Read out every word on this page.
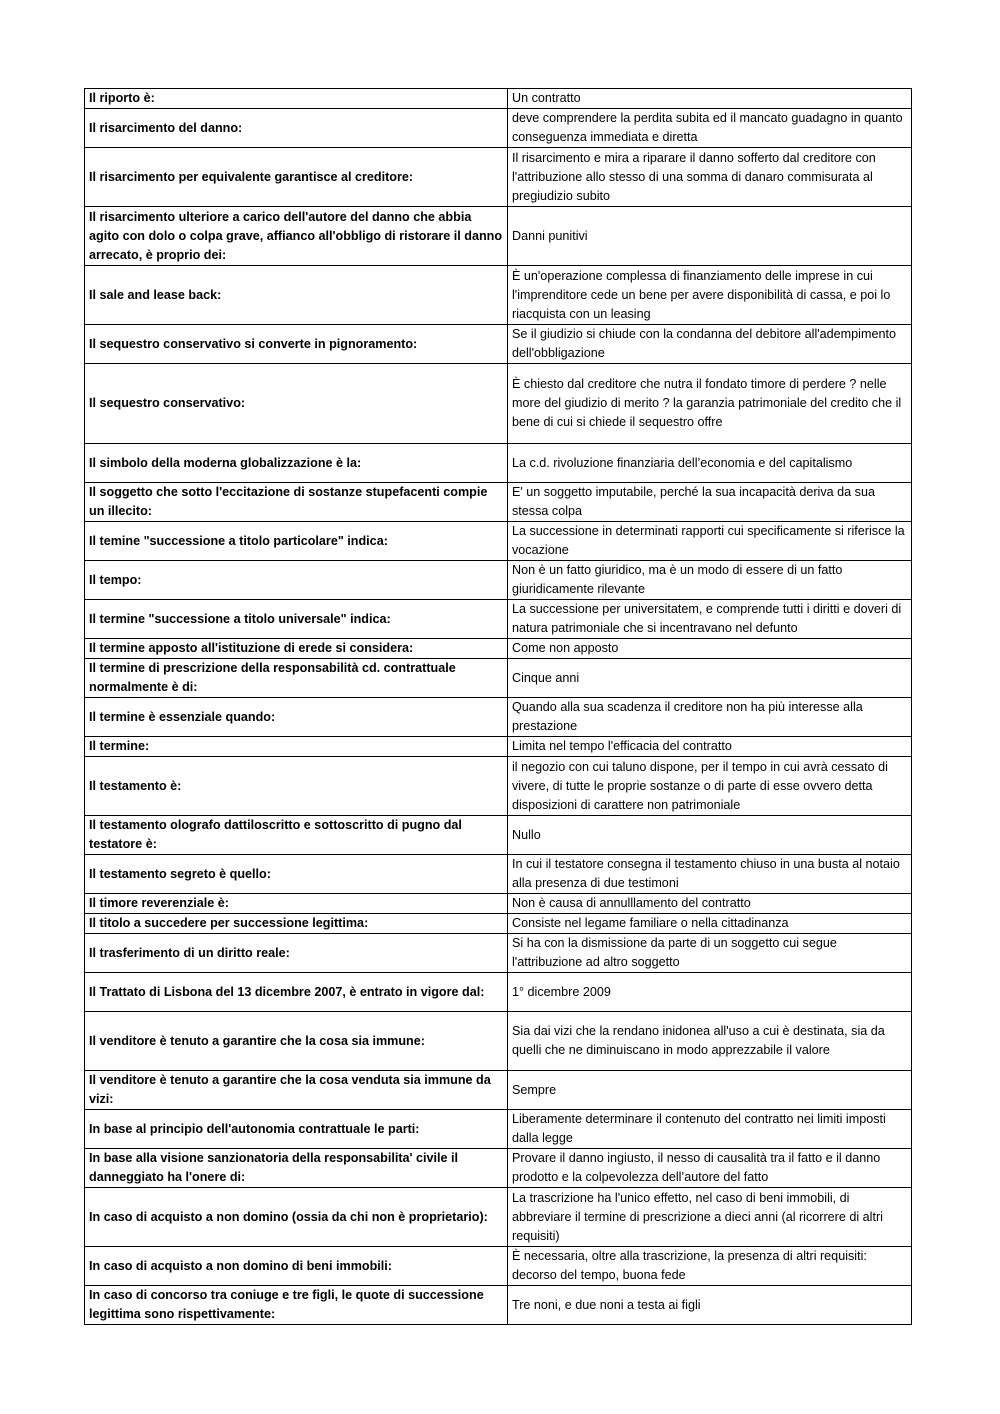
Il riporto è:	Un contratto
Il risarcimento del danno:	deve comprendere la perdita subita ed il mancato guadagno in quanto conseguenza immediata e diretta
Il risarcimento per equivalente garantisce al creditore:	Il risarcimento e mira a riparare il danno sofferto dal creditore con l'attribuzione allo stesso di una somma di danaro commisurata al pregiudizio subito
Il risarcimento ulteriore a carico dell'autore del danno che abbia agito con dolo o colpa grave, affianco all'obbligo di ristorare il danno arrecato, è proprio dei:	Danni punitivi
Il sale and lease back:	È un'operazione complessa di finanziamento delle imprese in cui l'imprenditore cede un bene per avere disponibilità di cassa, e poi lo riacquista con un leasing
Il sequestro conservativo si converte in pignoramento:	Se il giudizio si chiude con la condanna del debitore all'adempimento dell'obbligazione
Il sequestro conservativo:	È chiesto dal creditore che nutra il fondato timore di perdere ? nelle more del giudizio di merito ? la garanzia patrimoniale del credito che il bene di cui si chiede il sequestro offre
Il simbolo della moderna globalizzazione è la:	La c.d. rivoluzione finanziaria dell’economia e del capitalismo
Il soggetto che sotto l'eccitazione di sostanze stupefacenti compie un illecito:	E' un soggetto imputabile, perché la sua incapacità deriva da sua stessa colpa
Il temine "successione a titolo particolare" indica:	La successione in determinati rapporti cui specificamente si riferisce la vocazione
Il tempo:	Non è un fatto giuridico, ma è un modo di essere di un fatto giuridicamente rilevante
Il termine "successione a titolo universale" indica:	La successione per universitatem, e comprende tutti i diritti e doveri di natura patrimoniale che si incentravano nel defunto
Il termine apposto all'istituzione di erede si considera:	Come non apposto
Il termine di prescrizione della responsabilità cd. contrattuale normalmente è di:	Cinque anni
Il termine è essenziale quando:	Quando alla sua scadenza il creditore non ha più interesse alla prestazione
Il termine:	Limita nel tempo l'efficacia del contratto
Il testamento è:	il negozio con cui taluno dispone, per il tempo in cui avrà cessato di vivere, di tutte le proprie sostanze o di parte di esse ovvero detta disposizioni di carattere non patrimoniale
Il testamento olografo dattiloscritto e sottoscritto di pugno dal testatore è:	Nullo
Il testamento segreto è quello:	In cui il testatore consegna il testamento chiuso in una busta al notaio alla presenza di due testimoni
Il timore reverenziale è:	Non è causa di annulllamento del contratto
Il titolo a succedere per successione legittima:	Consiste nel legame familiare o nella cittadinanza
Il trasferimento di un diritto reale:	Si ha con la dismissione da parte di un soggetto cui segue l'attribuzione ad altro soggetto
Il Trattato di Lisbona del 13 dicembre 2007, è entrato in vigore dal:	1° dicembre 2009
Il venditore è tenuto a garantire che la cosa sia immune:	Sia dai vizi che la rendano inidonea all'uso a cui è destinata, sia da quelli che ne diminuiscano in modo apprezzabile il valore
Il venditore è tenuto a garantire che la cosa venduta sia immune da vizi:	Sempre
In base al principio dell'autonomia contrattuale le parti:	Liberamente determinare il contenuto del contratto nei limiti imposti dalla legge
In base alla visione sanzionatoria della responsabilita' civile il danneggiato ha l'onere di:	Provare il danno ingiusto, il nesso di causalità tra il fatto e il danno prodotto e la colpevolezza dell’autore del fatto
In caso di acquisto a non domino (ossia da chi non è proprietario):	La trascrizione ha l'unico effetto, nel caso di beni immobili, di abbreviare il termine di prescrizione a dieci anni (al ricorrere di altri requisiti)
In caso di acquisto a non domino di beni immobili:	È necessaria, oltre alla trascrizione, la presenza di altri requisiti: decorso del tempo, buona fede
In caso di concorso tra coniuge e tre figli, le quote di successione legittima sono rispettivamente:	Tre noni, e due noni a testa ai figli
